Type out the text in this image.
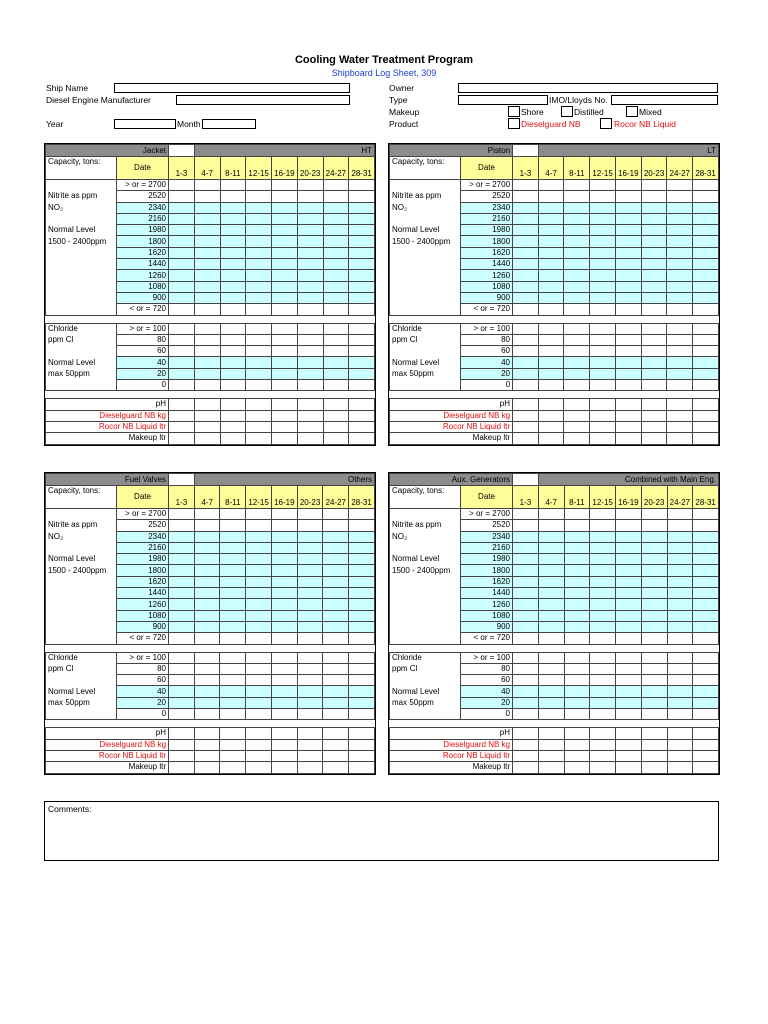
Cooling Water Treatment Program
Shipboard Log Sheet, 309
Ship Name
Diesel Engine Manufacturer
Year	Month
Owner
Type	IMO/Lloyds No.
Makeup	Shore	Distilled	Mixed
Product	Dieselguard NB	Rocor NB Liquid
Jacket			HT						
Capacity, tons:	Date	1-3	4-7	8-11	12-15	16-19	20-23	24-27	28-31
	> or = 2700								
Nitrite as ppm	2520								
NO₂	2340								
	2160								
Normal Level	1980								
1500 - 2400ppm	1800								
	1620								
	1440								
	1260								
	1080								
	900								
	< or = 720								

Chloride	> or = 100								
ppm Cl	80								
	60								
Normal Level	40								
max 50ppm	20								
	0								

pH									
Dieselguard NB kg									
Rocor NB Liquid ltr									
Makeup ltr									
Piston			LT						
Capacity, tons:	Date	1-3	4-7	8-11	12-15	16-19	20-23	24-27	28-31
	> or = 2700								
Nitrite as ppm	2520								
NO₂	2340								
	2160								
Normal Level	1980								
1500 - 2400ppm	1800								
	1620								
	1440								
	1260								
	1080								
	900								
	< or = 720								

Chloride	> or = 100								
ppm Cl	80								
	60								
Normal Level	40								
max 50ppm	20								
	0								

pH									
Dieselguard NB kg									
Rocor NB Liquid ltr									
Makeup ltr									
Fuel Valves			Others						
Capacity, tons:	Date	1-3	4-7	8-11	12-15	16-19	20-23	24-27	28-31
	> or = 2700								
Nitrite as ppm	2520								
NO₂	2340								
	2160								
Normal Level	1980								
1500 - 2400ppm	1800								
	1620								
	1440								
	1260								
	1080								
	900								
	< or = 720								

Chloride	> or = 100								
ppm Cl	80								
	60								
Normal Level	40								
max 50ppm	20								
	0								

pH									
Dieselguard NB kg									
Rocor NB Liquid ltr									
Makeup ltr									
Aux. Generators			Combined with Main Eng.						
Capacity, tons:	Date	1-3	4-7	8-11	12-15	16-19	20-23	24-27	28-31
	> or = 2700								
Nitrite as ppm	2520								
NO₂	2340								
	2160								
Normal Level	1980								
1500 - 2400ppm	1800								
	1620								
	1440								
	1260								
	1080								
	900								
	< or = 720								

Chloride	> or = 100								
ppm Cl	80								
	60								
Normal Level	40								
max 50ppm	20								
	0								

pH									
Dieselguard NB kg									
Rocor NB Liquid ltr									
Makeup ltr									
Comments:
